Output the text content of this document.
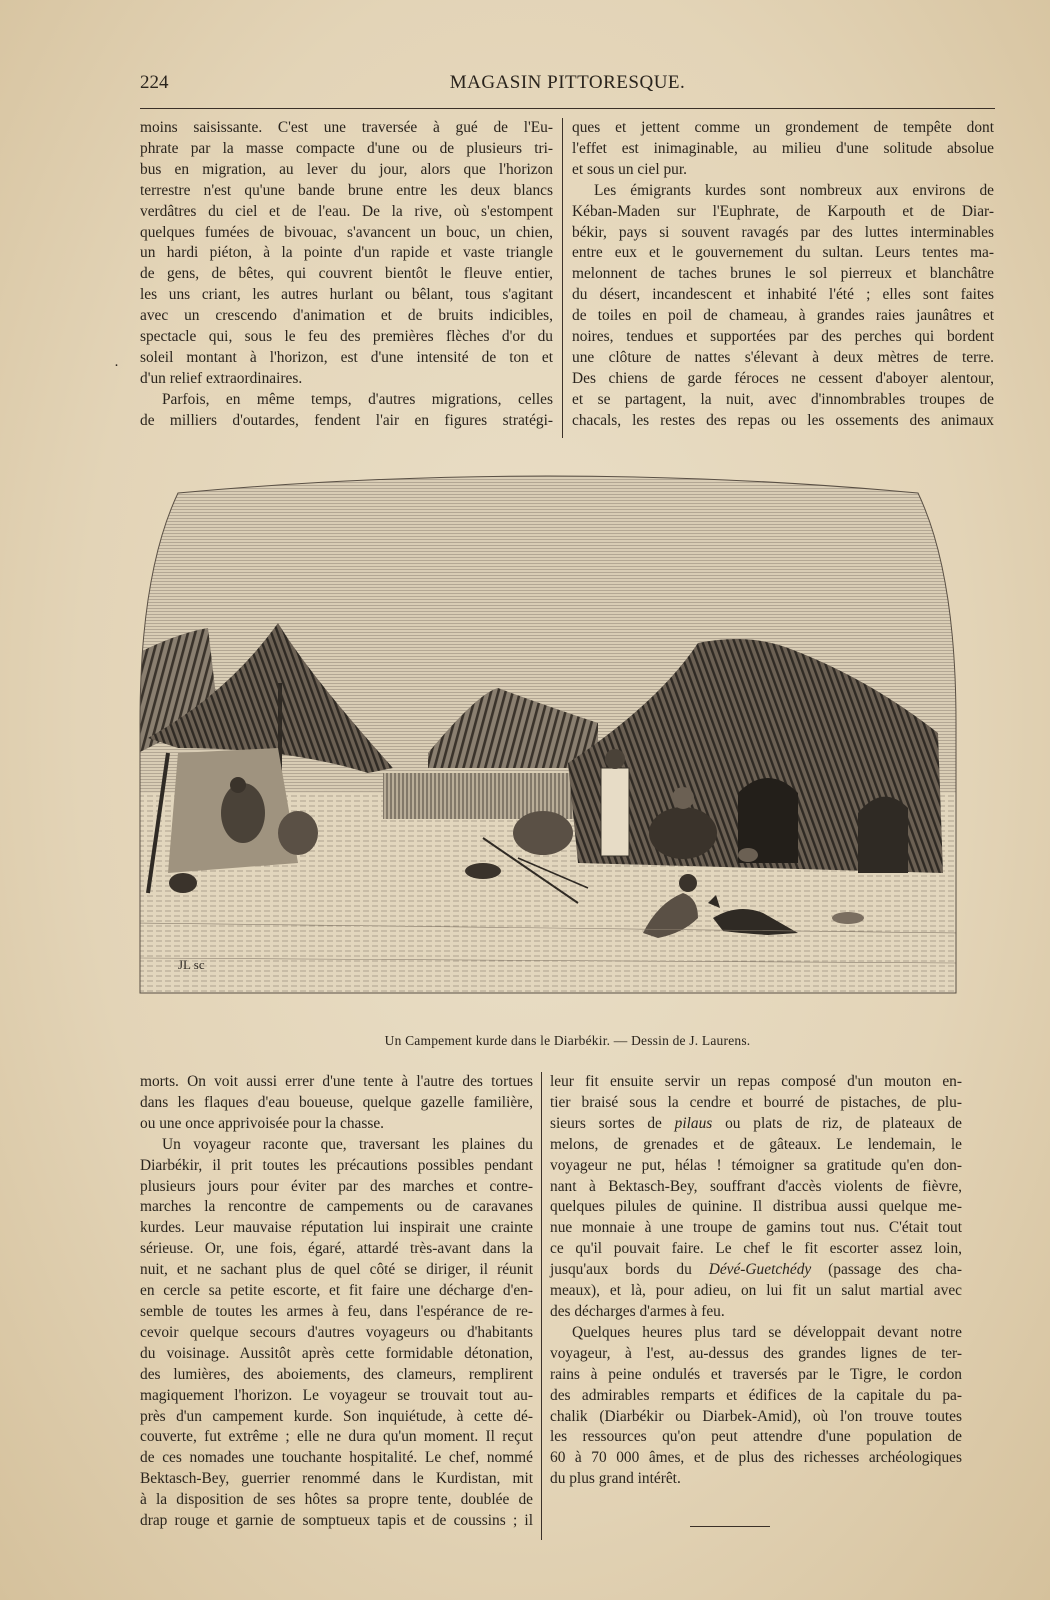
224	MAGASIN PITTORESQUE.
·
moins saisissante. C'est une traversée à gué de l'Eu-
phrate par la masse compacte d'une ou de plusieurs tri-
bus en migration, au lever du jour, alors que l'horizon
terrestre n'est qu'une bande brune entre les deux blancs
verdâtres du ciel et de l'eau. De la rive, où s'estompent
quelques fumées de bivouac, s'avancent un bouc, un chien,
un hardi piéton, à la pointe d'un rapide et vaste triangle
de gens, de bêtes, qui couvrent bientôt le fleuve entier,
les uns criant, les autres hurlant ou bêlant, tous s'agitant
avec un crescendo d'animation et de bruits indicibles,
spectacle qui, sous le feu des premières flèches d'or du
soleil montant à l'horizon, est d'une intensité de ton et
d'un relief extraordinaires.
Parfois, en même temps, d'autres migrations, celles
de milliers d'outardes, fendent l'air en figures stratégi-
ques et jettent comme un grondement de tempête dont
l'effet est inimaginable, au milieu d'une solitude absolue
et sous un ciel pur.
Les émigrants kurdes sont nombreux aux environs de
Kéban-Maden sur l'Euphrate, de Karpouth et de Diar-
békir, pays si souvent ravagés par des luttes interminables
entre eux et le gouvernement du sultan. Leurs tentes ma-
melonnent de taches brunes le sol pierreux et blanchâtre
du désert, incandescent et inhabité l'été ; elles sont faites
de toiles en poil de chameau, à grandes raies jaunâtres et
noires, tendues et supportées par des perches qui bordent
une clôture de nattes s'élevant à deux mètres de terre.
Des chiens de garde féroces ne cessent d'aboyer alentour,
et se partagent, la nuit, avec d'innombrables troupes de
chacals, les restes des repas ou les ossements des animaux
JL sc
Un Campement kurde dans le Diarbékir. — Dessin de J. Laurens.
morts. On voit aussi errer d'une tente à l'autre des tortues
dans les flaques d'eau boueuse, quelque gazelle familière,
ou une once apprivoisée pour la chasse.
Un voyageur raconte que, traversant les plaines du
Diarbékir, il prit toutes les précautions possibles pendant
plusieurs jours pour éviter par des marches et contre-
marches la rencontre de campements ou de caravanes
kurdes. Leur mauvaise réputation lui inspirait une crainte
sérieuse. Or, une fois, égaré, attardé très-avant dans la
nuit, et ne sachant plus de quel côté se diriger, il réunit
en cercle sa petite escorte, et fit faire une décharge d'en-
semble de toutes les armes à feu, dans l'espérance de re-
cevoir quelque secours d'autres voyageurs ou d'habitants
du voisinage. Aussitôt après cette formidable détonation,
des lumières, des aboiements, des clameurs, remplirent
magiquement l'horizon. Le voyageur se trouvait tout au-
près d'un campement kurde. Son inquiétude, à cette dé-
couverte, fut extrême ; elle ne dura qu'un moment. Il reçut
de ces nomades une touchante hospitalité. Le chef, nommé
Bektasch-Bey, guerrier renommé dans le Kurdistan, mit
à la disposition de ses hôtes sa propre tente, doublée de
drap rouge et garnie de somptueux tapis et de coussins ; il
leur fit ensuite servir un repas composé d'un mouton en-
tier braisé sous la cendre et bourré de pistaches, de plu-
sieurs sortes de pilaus ou plats de riz, de plateaux de
melons, de grenades et de gâteaux. Le lendemain, le
voyageur ne put, hélas ! témoigner sa gratitude qu'en don-
nant à Bektasch-Bey, souffrant d'accès violents de fièvre,
quelques pilules de quinine. Il distribua aussi quelque me-
nue monnaie à une troupe de gamins tout nus. C'était tout
ce qu'il pouvait faire. Le chef le fit escorter assez loin,
jusqu'aux bords du Dévé-Guetchédy (passage des cha-
meaux), et là, pour adieu, on lui fit un salut martial avec
des décharges d'armes à feu.
Quelques heures plus tard se développait devant notre
voyageur, à l'est, au-dessus des grandes lignes de ter-
rains à peine ondulés et traversés par le Tigre, le cordon
des admirables remparts et édifices de la capitale du pa-
chalik (Diarbékir ou Diarbek-Amid), où l'on trouve toutes
les ressources qu'on peut attendre d'une population de
60 à 70 000 âmes, et de plus des richesses archéologiques
du plus grand intérêt.
